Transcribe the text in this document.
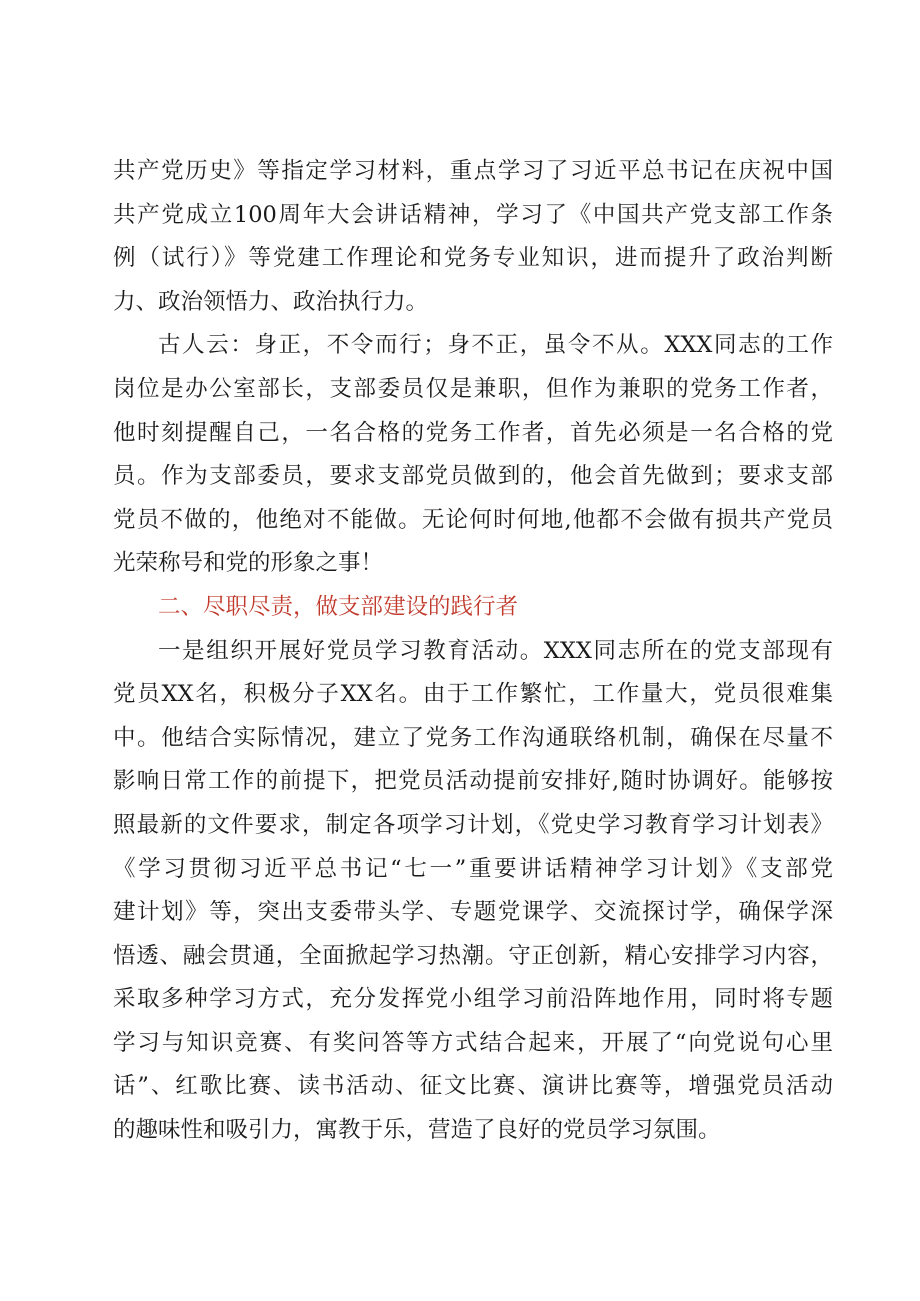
共产党历史》等指定学习材料，重点学习了习近平总书记在庆祝中国
共产党成立100周年大会讲话精神，学习了《中国共产党支部工作条
例（试行）》等党建工作理论和党务专业知识，进而提升了政治判断
力、政治领悟力、政治执行力。
古人云：身正，不令而行；身不正，虽令不从。XXX同志的工作
岗位是办公室部长，支部委员仅是兼职，但作为兼职的党务工作者，
他时刻提醒自己，一名合格的党务工作者，首先必须是一名合格的党
员。作为支部委员，要求支部党员做到的，他会首先做到；要求支部
党员不做的，他绝对不能做。无论何时何地,他都不会做有损共产党员
光荣称号和党的形象之事！
二、尽职尽责，做支部建设的践行者
一是组织开展好党员学习教育活动。XXX同志所在的党支部现有
党员XX名，积极分子XX名。由于工作繁忙，工作量大，党员很难集
中。他结合实际情况，建立了党务工作沟通联络机制，确保在尽量不
影响日常工作的前提下，把党员活动提前安排好,随时协调好。能够按
照最新的文件要求，制定各项学习计划，《党史学习教育学习计划表》
《学习贯彻习近平总书记“七一”重要讲话精神学习计划》《支部党
建计划》等，突出支委带头学、专题党课学、交流探讨学，确保学深
悟透、融会贯通，全面掀起学习热潮。守正创新，精心安排学习内容，
采取多种学习方式，充分发挥党小组学习前沿阵地作用，同时将专题
学习与知识竞赛、有奖问答等方式结合起来，开展了“向党说句心里
话”、红歌比赛、读书活动、征文比赛、演讲比赛等，增强党员活动
的趣味性和吸引力，寓教于乐，营造了良好的党员学习氛围。
